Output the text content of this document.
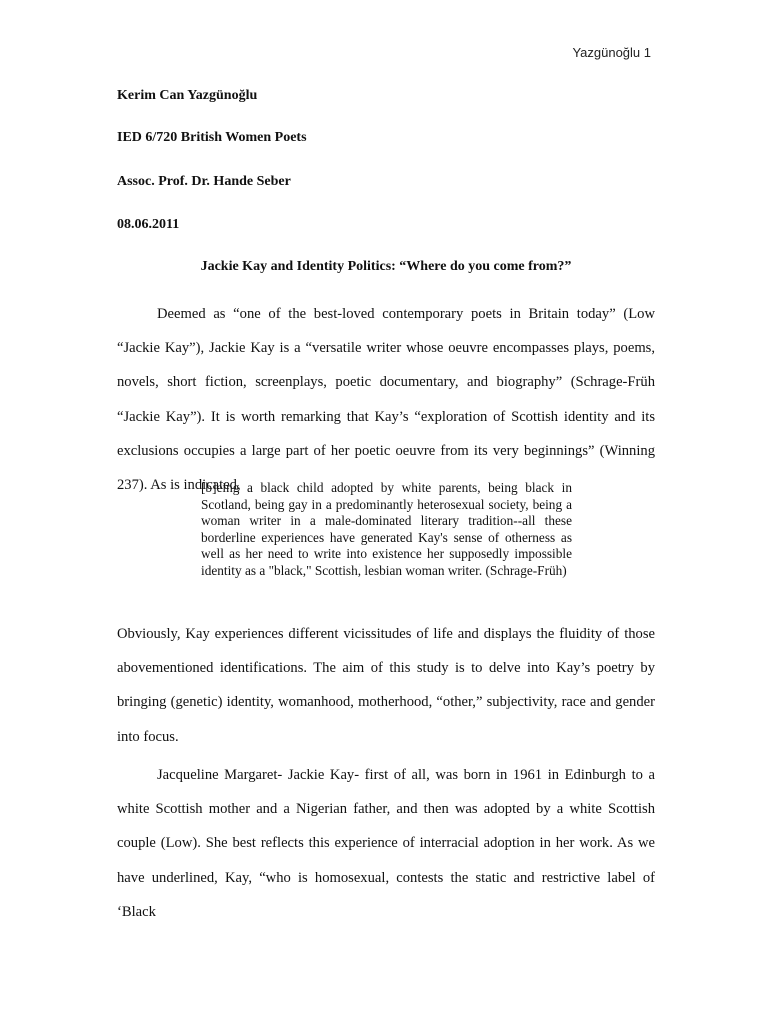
Yazgünoğlu 1
Kerim Can Yazgünoğlu
IED 6/720 British Women Poets
Assoc. Prof. Dr. Hande Seber
08.06.2011
Jackie Kay and Identity Politics: “Where do you come from?”
Deemed as “one of the best-loved contemporary poets in Britain today” (Low “Jackie Kay”), Jackie Kay is a “versatile writer whose oeuvre encompasses plays, poems, novels, short fiction, screenplays, poetic documentary, and biography” (Schrage-Früh “Jackie Kay”). It is worth remarking that Kay’s “exploration of Scottish identity and its exclusions occupies a large part of her poetic oeuvre from its very beginnings” (Winning 237). As is indicated,
[b]eing a black child adopted by white parents, being black in Scotland, being gay in a predominantly heterosexual society, being a woman writer in a male-dominated literary tradition--all these borderline experiences have generated Kay's sense of otherness as well as her need to write into existence her supposedly impossible identity as a "black," Scottish, lesbian woman writer. (Schrage-Früh)
Obviously, Kay experiences different vicissitudes of life and displays the fluidity of those abovementioned identifications. The aim of this study is to delve into Kay’s poetry by bringing (genetic) identity, womanhood, motherhood, “other,” subjectivity, race and gender into focus.
Jacqueline Margaret- Jackie Kay- first of all, was born in 1961 in Edinburgh to a white Scottish mother and a Nigerian father, and then was adopted by a white Scottish couple (Low). She best reflects this experience of interracial adoption in her work. As we have underlined, Kay, “who is homosexual, contests the static and restrictive label of ‘Black
